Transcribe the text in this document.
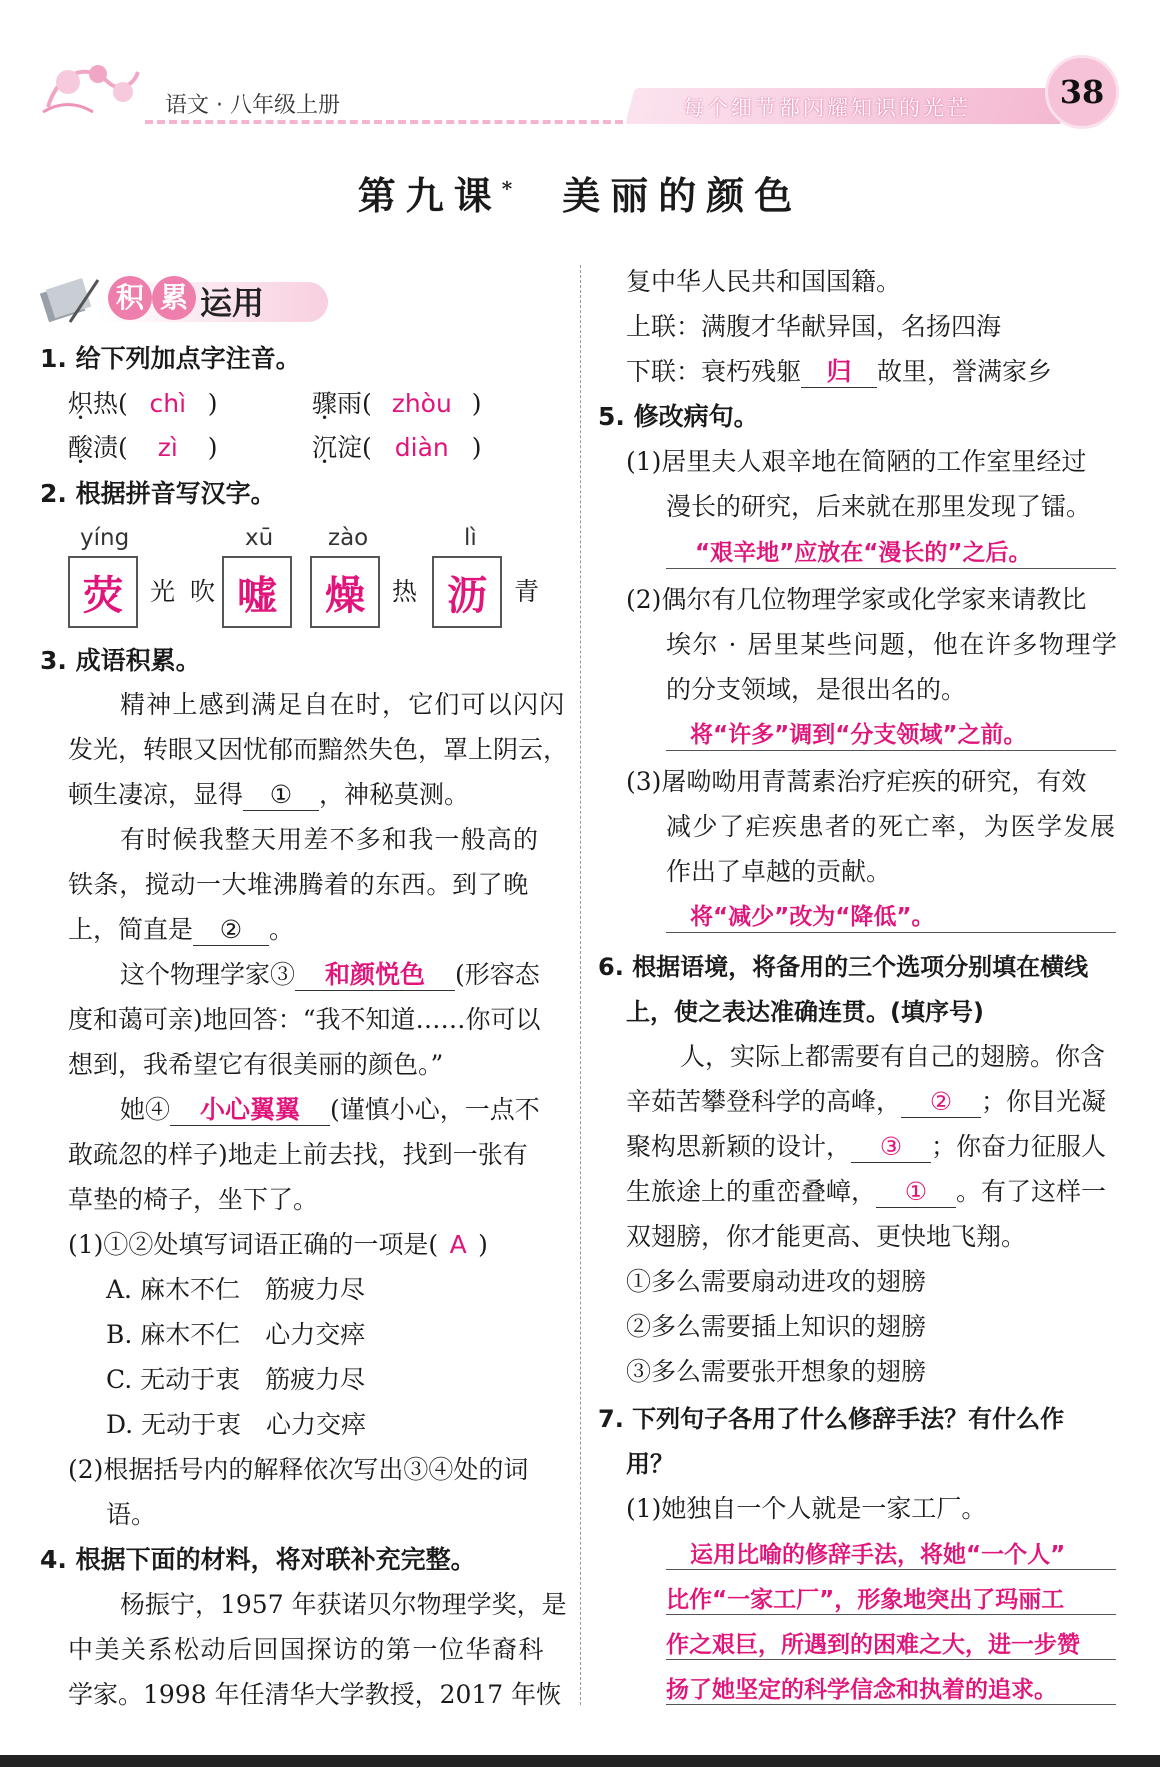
语文 · 八年级上册	每个细节都闪耀知识的光芒	38
第九课* 美丽的颜色
积 累 运用
1. 给下列加点字注音。
炽热( chì )	骤雨( zhòu )
酸渍( zì )	沉淀( diàn )
2. 根据拼音写汉字。
yíng	xū zào	lì
荧	光 吹 嘘	燥	热 沥	青
3. 成语积累。
精神上感到满足自在时，它们可以闪闪
发光，转眼又因忧郁而黯然失色，罩上阴云，
顿生凄凉，显得 ① ，神秘莫测。
有时候我整天用差不多和我一般高的
铁条，搅动一大堆沸腾着的东西。到了晚
上，简直是 ② 。
这个物理学家③ 和颜悦色 (形容态
度和蔼可亲)地回答：“我不知道……你可以
想到，我希望它有很美丽的颜色。”
她④ 小心翼翼 (谨慎小心，一点不
敢疏忽的样子)地走上前去找，找到一张有
草垫的椅子，坐下了。
(1)①②处填写词语正确的一项是( A )
A. 麻木不仁　筋疲力尽
B. 麻木不仁　心力交瘁
C. 无动于衷　筋疲力尽
D. 无动于衷　心力交瘁
(2)根据括号内的解释依次写出③④处的词
语。
4. 根据下面的材料，将对联补充完整。
杨振宁，1957 年获诺贝尔物理学奖，是
中美关系松动后回国探访的第一位华裔科
学家。1998 年任清华大学教授，2017 年恢
复中华人民共和国国籍。
上联：满腹才华献异国，名扬四海
下联：衰朽残躯 归 故里，誉满家乡
5. 修改病句。
(1)居里夫人艰辛地在简陋的工作室里经过
漫长的研究，后来就在那里发现了镭。
“艰辛地”应放在“漫长的”之后。
(2)偶尔有几位物理学家或化学家来请教比
埃尔 · 居里某些问题，他在许多物理学
的分支领域，是很出名的。
将“许多”调到“分支领域”之前。
(3)屠呦呦用青蒿素治疗疟疾的研究，有效
减少了疟疾患者的死亡率，为医学发展
作出了卓越的贡献。
将“减少”改为“降低”。
6. 根据语境，将备用的三个选项分别填在横线
上，使之表达准确连贯。(填序号)
人，实际上都需要有自己的翅膀。你含
辛茹苦攀登科学的高峰， ② ；你目光凝
聚构思新颖的设计， ③ ；你奋力征服人
生旅途上的重峦叠嶂， ① 。有了这样一
双翅膀，你才能更高、更快地飞翔。
①多么需要扇动进攻的翅膀
②多么需要插上知识的翅膀
③多么需要张开想象的翅膀
7. 下列句子各用了什么修辞手法？有什么作
用？
(1)她独自一个人就是一家工厂。
运用比喻的修辞手法，将她“一个人”
比作“一家工厂”，形象地突出了玛丽工
作之艰巨，所遇到的困难之大，进一步赞
扬了她坚定的科学信念和执着的追求。
